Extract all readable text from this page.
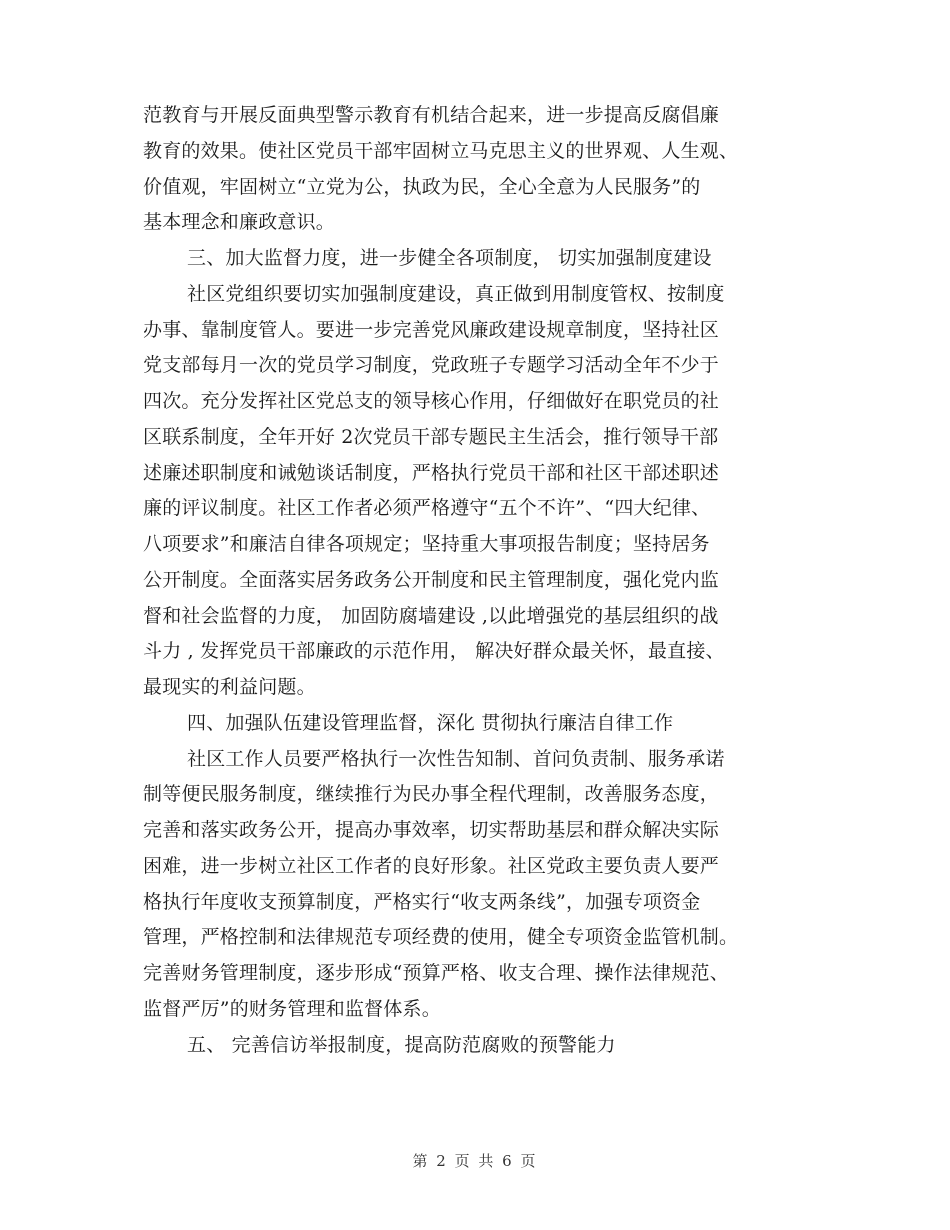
范教育与开展反面典型警示教育有机结合起来，进一步提高反腐倡廉
教育的效果。使社区党员干部牢固树立马克思主义的世界观、人生观、
价值观，牢固树立“立党为公，执政为民，全心全意为人民服务”的
基本理念和廉政意识。
三、加大监督力度，进一步健全各项制度， 切实加强制度建设
社区党组织要切实加强制度建设，真正做到用制度管权、按制度
办事、靠制度管人。要进一步完善党风廉政建设规章制度，坚持社区
党支部每月一次的党员学习制度，党政班子专题学习活动全年不少于
四次。充分发挥社区党总支的领导核心作用，仔细做好在职党员的社
区联系制度，全年开好 2次党员干部专题民主生活会，推行领导干部
述廉述职制度和诫勉谈话制度，严格执行党员干部和社区干部述职述
廉的评议制度。社区工作者必须严格遵守“五个不许”、“四大纪律、
八项要求”和廉洁自律各项规定；坚持重大事项报告制度；坚持居务
公开制度。全面落实居务政务公开制度和民主管理制度，强化党内监
督和社会监督的力度， 加固防腐墙建设 ,以此增强党的基层组织的战
斗力 , 发挥党员干部廉政的示范作用， 解决好群众最关怀，最直接、
最现实的利益问题。
四、加强队伍建设管理监督，深化 贯彻执行廉洁自律工作
社区工作人员要严格执行一次性告知制、首问负责制、服务承诺
制等便民服务制度，继续推行为民办事全程代理制，改善服务态度，
完善和落实政务公开，提高办事效率，切实帮助基层和群众解决实际
困难，进一步树立社区工作者的良好形象。社区党政主要负责人要严
格执行年度收支预算制度，严格实行“收支两条线”，加强专项资金
管理，严格控制和法律规范专项经费的使用，健全专项资金监管机制。
完善财务管理制度，逐步形成“预算严格、收支合理、操作法律规范、
监督严厉”的财务管理和监督体系。
五、 完善信访举报制度，提高防范腐败的预警能力
第 2 页 共 6 页
